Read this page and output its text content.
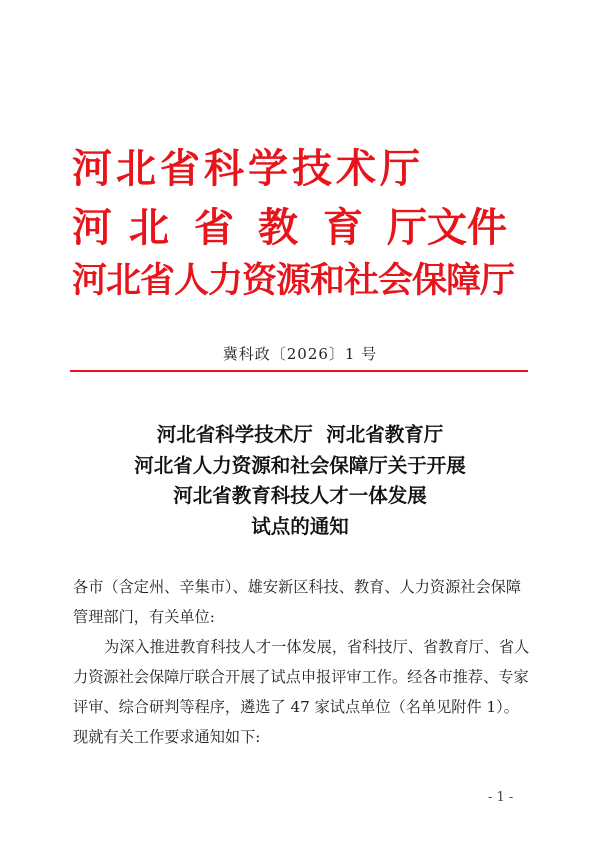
河北省科学技术厅
河 北 省 教 育 厅文件
河北省人力资源和社会保障厅
冀科政〔2026〕1 号
河北省科学技术厅  河北省教育厅
河北省人力资源和社会保障厅关于开展
河北省教育科技人才一体发展
试点的通知

各市（含定州、辛集市）、雄安新区科技、教育、人力资源社会保障管理部门，有关单位:

为深入推进教育科技人才一体发展，省科技厅、省教育厅、省人力资源社会保障厅联合开展了试点申报评审工作。经各市推荐、专家评审、综合研判等程序，遴选了 47 家试点单位（名单见附件 1）。现就有关工作要求通知如下:

- 1 -
